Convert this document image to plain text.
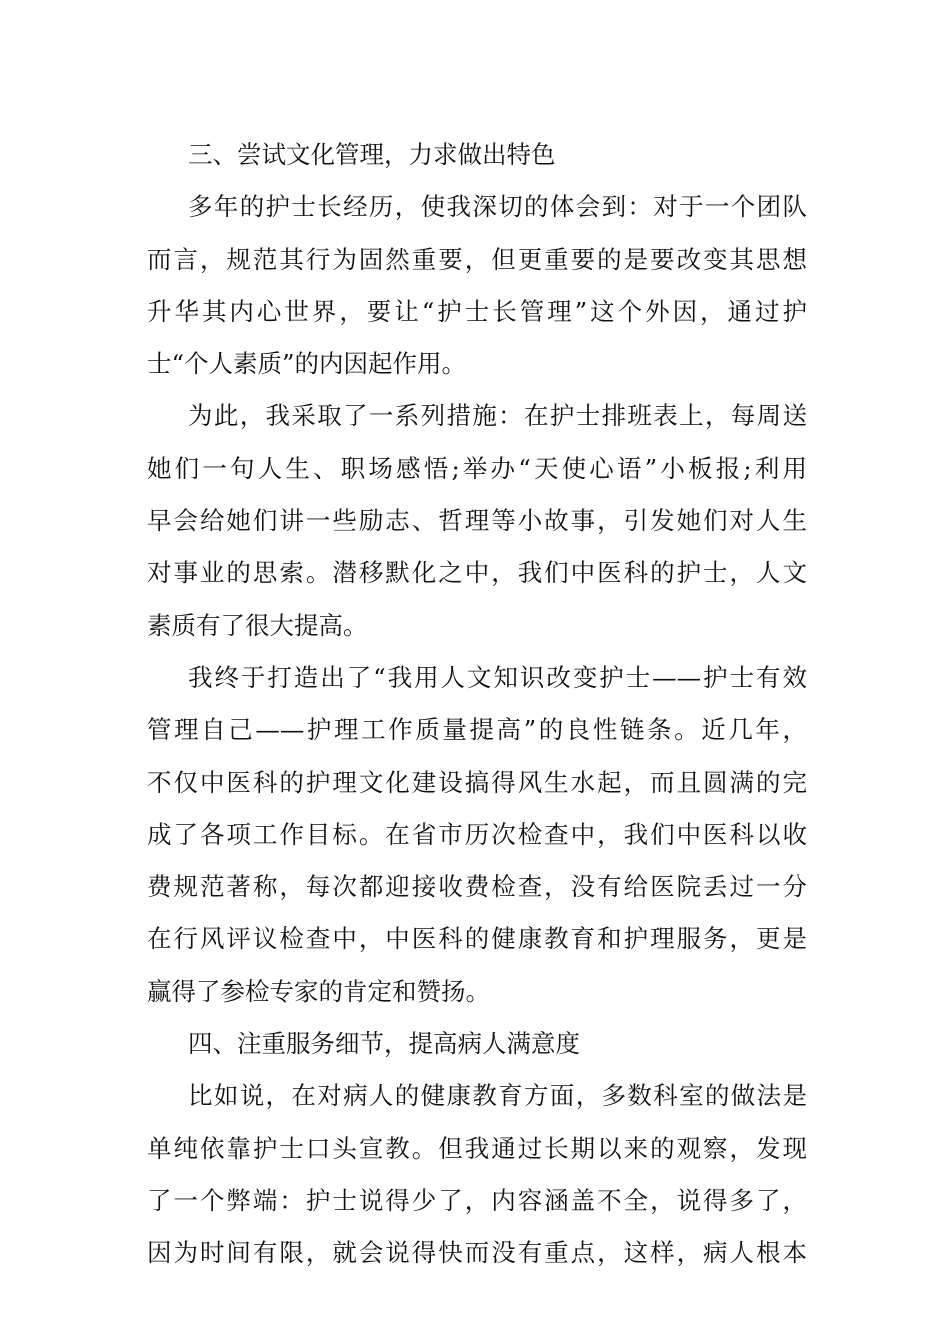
三、尝试文化管理，力求做出特色
多年的护士长经历，使我深切的体会到：对于一个团队
而言，规范其行为固然重要，但更重要的是要改变其思想
升华其内心世界，要让“护士长管理”这个外因，通过护
士“个人素质”的内因起作用。
为此，我采取了一系列措施：在护士排班表上，每周送
她们一句人生、职场感悟;举办“天使心语”小板报;利用
早会给她们讲一些励志、哲理等小故事，引发她们对人生
对事业的思索。潜移默化之中，我们中医科的护士，人文
素质有了很大提高。
我终于打造出了“我用人文知识改变护士——护士有效
管理自己——护理工作质量提高”的良性链条。近几年，
不仅中医科的护理文化建设搞得风生水起，而且圆满的完
成了各项工作目标。在省市历次检查中，我们中医科以收
费规范著称，每次都迎接收费检查，没有给医院丢过一分
在行风评议检查中，中医科的健康教育和护理服务，更是
赢得了参检专家的肯定和赞扬。
四、注重服务细节，提高病人满意度
比如说，在对病人的健康教育方面，多数科室的做法是
单纯依靠护士口头宣教。但我通过长期以来的观察，发现
了一个弊端：护士说得少了，内容涵盖不全，说得多了，
因为时间有限，就会说得快而没有重点，这样，病人根本
